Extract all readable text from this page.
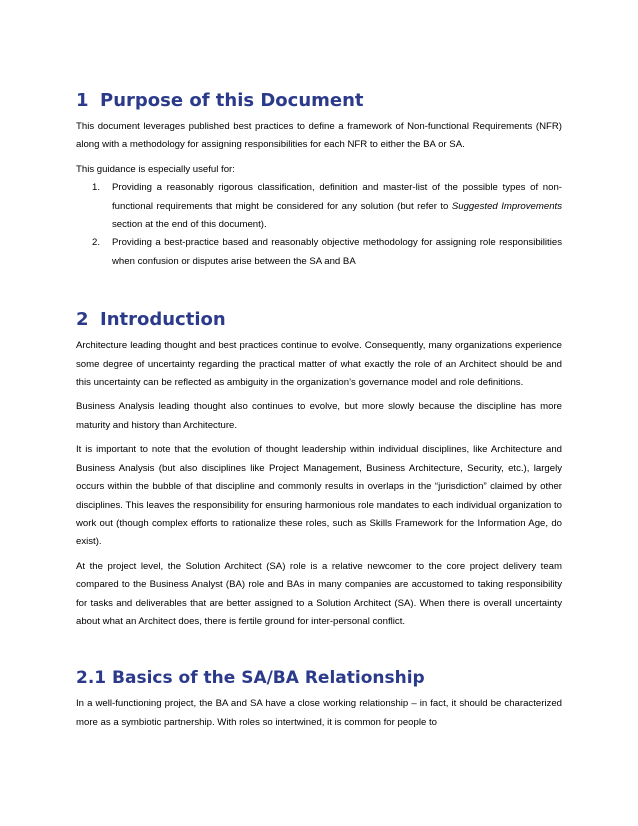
1 Purpose of this Document

This document leverages published best practices to define a framework of Non-functional Requirements (NFR) along with a methodology for assigning responsibilities for each NFR to either the BA or SA.

This guidance is especially useful for:

1. Providing a reasonably rigorous classification, definition and master-list of the possible types of non-functional requirements that might be considered for any solution (but refer to Suggested Improvements section at the end of this document).
2. Providing a best-practice based and reasonably objective methodology for assigning role responsibilities when confusion or disputes arise between the SA and BA
2 Introduction

Architecture leading thought and best practices continue to evolve. Consequently, many organizations experience some degree of uncertainty regarding the practical matter of what exactly the role of an Architect should be and this uncertainty can be reflected as ambiguity in the organization’s governance model and role definitions.

Business Analysis leading thought also continues to evolve, but more slowly because the discipline has more maturity and history than Architecture.

It is important to note that the evolution of thought leadership within individual disciplines, like Architecture and Business Analysis (but also disciplines like Project Management, Business Architecture, Security, etc.), largely occurs within the bubble of that discipline and commonly results in overlaps in the “jurisdiction” claimed by other disciplines. This leaves the responsibility for ensuring harmonious role mandates to each individual organization to work out (though complex efforts to rationalize these roles, such as Skills Framework for the Information Age, do exist).

At the project level, the Solution Architect (SA) role is a relative newcomer to the core project delivery team compared to the Business Analyst (BA) role and BAs in many companies are accustomed to taking responsibility for tasks and deliverables that are better assigned to a Solution Architect (SA). When there is overall uncertainty about what an Architect does, there is fertile ground for inter-personal conflict.

2.1 Basics of the SA/BA Relationship

In a well-functioning project, the BA and SA have a close working relationship – in fact, it should be characterized more as a symbiotic partnership. With roles so intertwined, it is common for people to
